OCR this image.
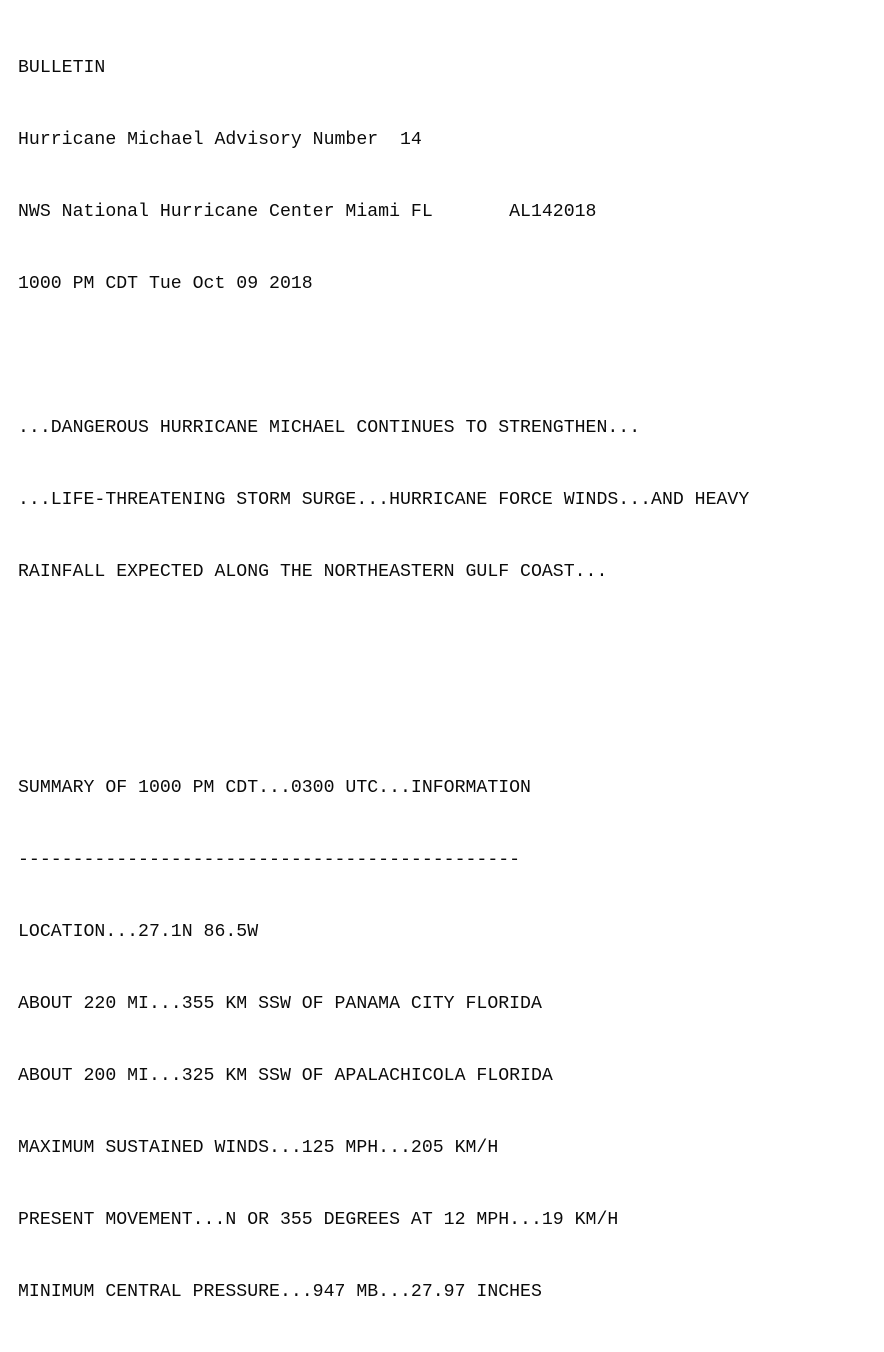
BULLETIN

Hurricane Michael Advisory Number  14

NWS National Hurricane Center Miami FL       AL142018

1000 PM CDT Tue Oct 09 2018

...DANGEROUS HURRICANE MICHAEL CONTINUES TO STRENGTHEN...

...LIFE-THREATENING STORM SURGE...HURRICANE FORCE WINDS...AND HEAVY

RAINFALL EXPECTED ALONG THE NORTHEASTERN GULF COAST...

SUMMARY OF 1000 PM CDT...0300 UTC...INFORMATION

----------------------------------------------

LOCATION...27.1N 86.5W

ABOUT 220 MI...355 KM SSW OF PANAMA CITY FLORIDA

ABOUT 200 MI...325 KM SSW OF APALACHICOLA FLORIDA

MAXIMUM SUSTAINED WINDS...125 MPH...205 KM/H

PRESENT MOVEMENT...N OR 355 DEGREES AT 12 MPH...19 KM/H

MINIMUM CENTRAL PRESSURE...947 MB...27.97 INCHES
